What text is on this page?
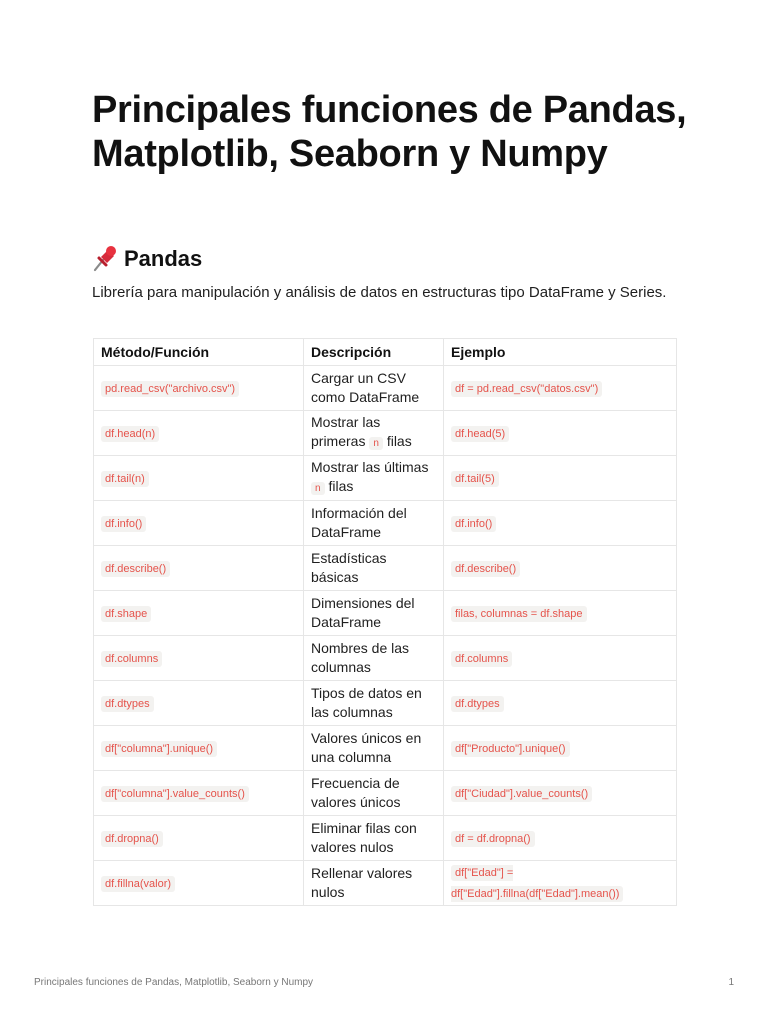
Principales funciones de Pandas, Matplotlib, Seaborn y Numpy
Pandas

Librería para manipulación y análisis de datos en estructuras tipo DataFrame y Series.

Método/Función	Descripción	Ejemplo
pd.read_csv("archivo.csv")	Cargar un CSV como DataFrame	df = pd.read_csv("datos.csv")
df.head(n)	Mostrar las primeras n filas	df.head(5)
df.tail(n)	Mostrar las últimas n filas	df.tail(5)
df.info()	Información del DataFrame	df.info()
df.describe()	Estadísticas básicas	df.describe()
df.shape	Dimensiones del DataFrame	filas, columnas = df.shape
df.columns	Nombres de las columnas	df.columns
df.dtypes	Tipos de datos en las columnas	df.dtypes
df["columna"].unique()	Valores únicos en una columna	df["Producto"].unique()
df["columna"].value_counts()	Frecuencia de valores únicos	df["Ciudad"].value_counts()
df.dropna()	Eliminar filas con valores nulos	df = df.dropna()
df.fillna(valor)	Rellenar valores nulos	df["Edad"] = df["Edad"].fillna(df["Edad"].mean())
Principales funciones de Pandas, Matplotlib, Seaborn y Numpy	1
